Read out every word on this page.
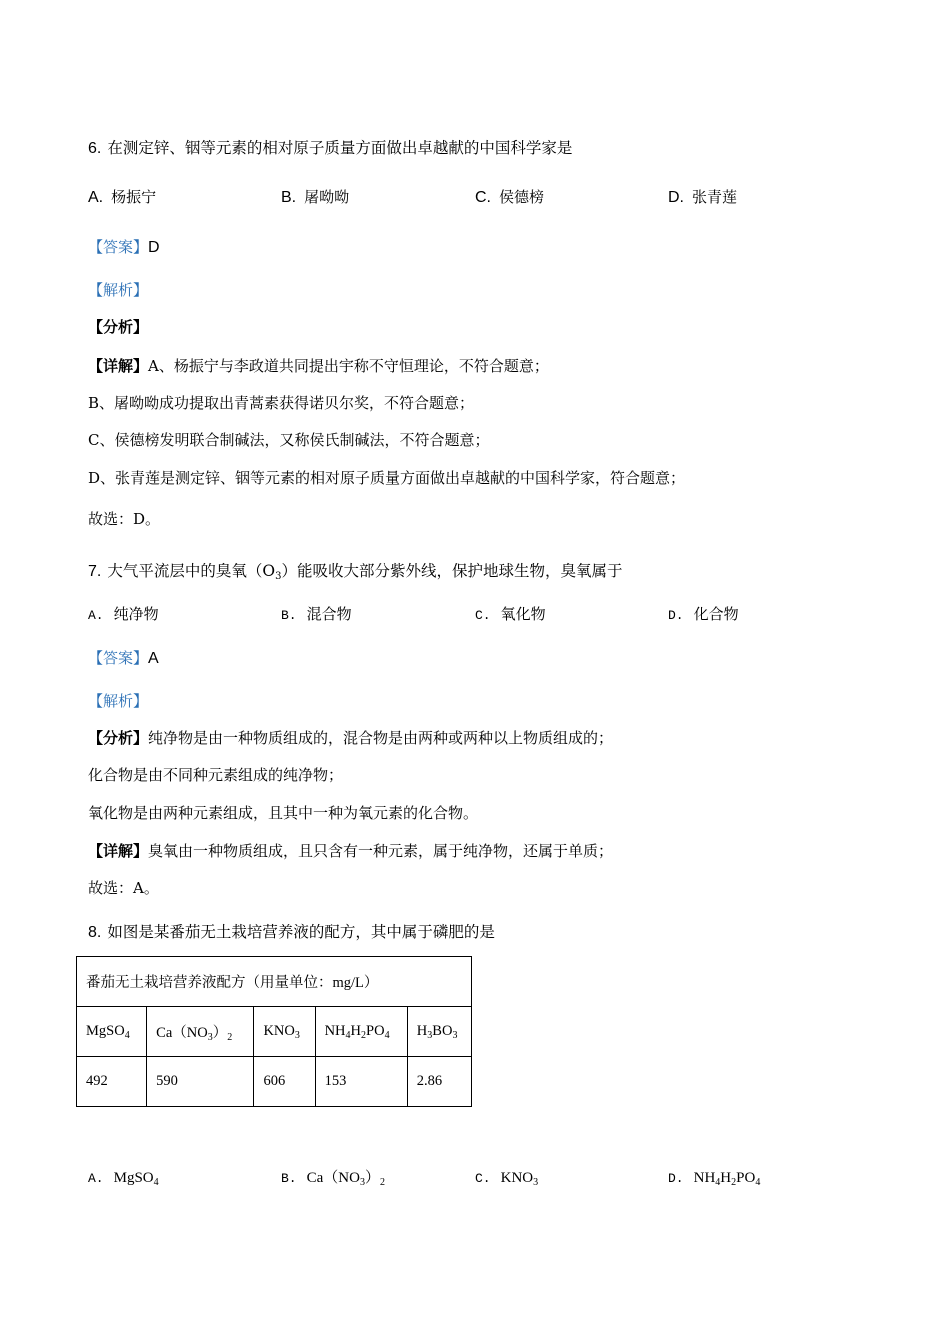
6. 在测定锌、铟等元素的相对原子质量方面做出卓越献的中国科学家是
A. 杨振宁	B. 屠呦呦	C. 侯德榜	D. 张青莲
【答案】D
【解析】
【分析】
【详解】A、杨振宁与李政道共同提出宇称不守恒理论，不符合题意；
B、屠呦呦成功提取出青蒿素获得诺贝尔奖，不符合题意；
C、侯德榜发明联合制碱法，又称侯氏制碱法，不符合题意；
D、张青莲是测定锌、铟等元素的相对原子质量方面做出卓越献的中国科学家，符合题意；
故选：D。
7. 大气平流层中的臭氧$(O_3)$能吸收大部分紫外线，保护地球生物，臭氧属于
A. 纯净物	B. 混合物	C. 氧化物	D. 化合物
【答案】A
【解析】
【分析】纯净物是由一种物质组成的，混合物是由两种或两种以上物质组成的；
化合物是由不同种元素组成的纯净物；
氧化物是由两种元素组成，且其中一种为氧元素的化合物。
【详解】臭氧由一种物质组成，且只含有一种元素，属于纯净物，还属于单质；
故选：A。
8. 如图是某番茄无土栽培营养液的配方，其中属于磷肥的是
番茄无土栽培营养液配方（用量单位：mg/L）				
MgSO$_4$	$Ca(NO_3)_2$	$KNO_3$	$NH_4H_2PO_4$	$H_3BO_3$
492	590	606	153	2.86
A. MgSO$_4$	B. $Ca(NO_3)_2$	C. $KNO_3$	D. $NH_4H_2PO_4$
